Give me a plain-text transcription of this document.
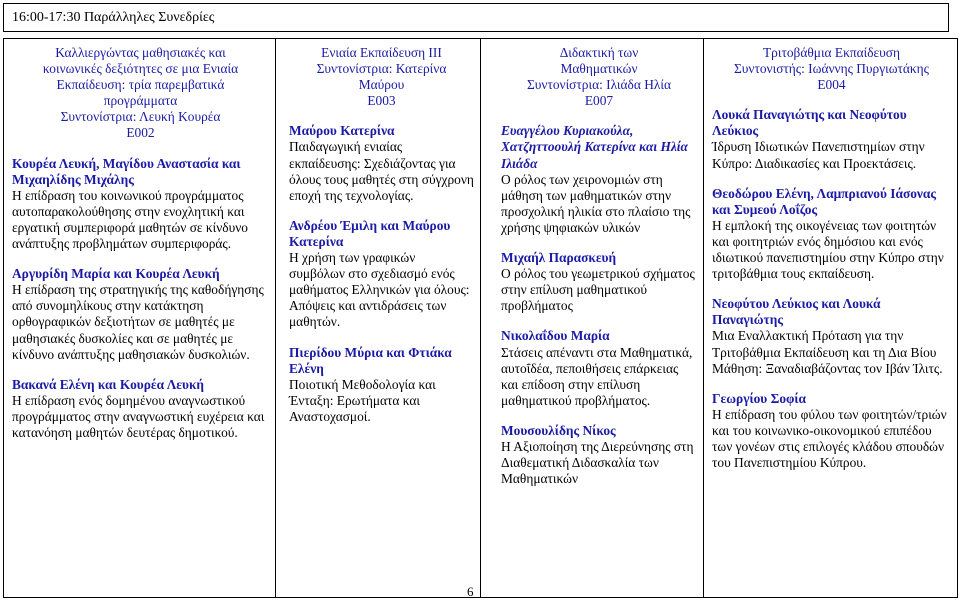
16:00-17:30 Παράλληλες Συνεδρίες
Καλλιεργώντας μαθησιακές και
κοινωνικές δεξιότητες σε μια Ενιαία
Εκπαίδευση: τρία παρεμβατικά
προγράμματα
Συντονίστρια: Λευκή Κουρέα
Ε002
Κουρέα Λευκή, Μαγίδου Αναστασία και Μιχαηλίδης Μιχάλης
Η επίδραση του κοινωνικού προγράμματος αυτοπαρακολούθησης στην ενοχλητική και εργατική συμπεριφορά μαθητών σε κίνδυνο ανάπτυξης προβλημάτων συμπεριφοράς.
Αργυρίδη Μαρία και Κουρέα Λευκή
Η επίδραση της στρατηγικής της καθοδήγησης από συνομηλίκους στην κατάκτηση ορθογραφικών δεξιοτήτων σε μαθητές με μαθησιακές δυσκολίες και σε μαθητές με κίνδυνο ανάπτυξης μαθησιακών δυσκολιών.
Βακανά Ελένη και Κουρέα Λευκή
Η επίδραση ενός δομημένου αναγνωστικού προγράμματος στην αναγνωστική ευχέρεια και κατανόηση μαθητών δευτέρας δημοτικού.
Ενιαία Εκπαίδευση ΙΙΙ
Συντονίστρια: Κατερίνα
Μαύρου
Ε003
Μαύρου Κατερίνα
Παιδαγωγική ενιαίας εκπαίδευσης: Σχεδιάζοντας για όλους τους μαθητές στη σύγχρονη εποχή της τεχνολογίας.
Ανδρέου Έμιλη και Μαύρου Κατερίνα
Η χρήση των γραφικών συμβόλων στο σχεδιασμό ενός μαθήματος Ελληνικών για όλους: Απόψεις και αντιδράσεις των μαθητών.
Πιερίδου Μύρια και Φτιάκα Ελένη
Ποιοτική Μεθοδολογία και Ένταξη: Ερωτήματα και Αναστοχασμοί.
Διδακτική των
Μαθηματικών
Συντονίστρια: Ιλιάδα Ηλία
Ε007
Ευαγγέλου Κυριακούλα, Χατζηττοουλή Κατερίνα και Ηλία Ιλιάδα
Ο ρόλος των χειρονομιών στη μάθηση των μαθηματικών στην προσχολική ηλικία στο πλαίσιο της χρήσης ψηφιακών υλικών
Μιχαήλ Παρασκευή
Ο ρόλος του γεωμετρικού σχήματος στην επίλυση μαθηματικού προβλήματος
Νικολαΐδου Μαρία
Στάσεις απέναντι στα Μαθηματικά, αυτοΐδέα, πεποιθήσεις επάρκειας και επίδοση στην επίλυση μαθηματικού προβλήματος.
Μουσουλίδης Νίκος
Η Αξιοποίηση της Διερεύνησης στη Διαθεματική Διδασκαλία των Μαθηματικών
Τριτοβάθμια Εκπαίδευση
Συντονιστής: Ιωάννης Πυργιωτάκης
Ε004
Λουκά Παναγιώτης και Νεοφύτου Λεύκιος
Ίδρυση Ιδιωτικών Πανεπιστημίων στην Κύπρο: Διαδικασίες και Προεκτάσεις.
Θεοδώρου Ελένη, Λαμπριανού Ιάσονας και Συμεού Λοΐζος
Η εμπλοκή της οικογένειας των φοιτητών και φοιτητριών ενός δημόσιου και ενός ιδιωτικού πανεπιστημίου στην Κύπρο στην τριτοβάθμια τους εκπαίδευση.
Νεοφύτου Λεύκιος και Λουκά Παναγιώτης
Μια Εναλλακτική Πρόταση για την Τριτοβάθμια Εκπαίδευση και τη Δια Βίου Μάθηση: Ξαναδιαβάζοντας τον Ιβάν Ίλιτς.
Γεωργίου Σοφία
Η επίδραση του φύλου των φοιτητών/τριών και του κοινωνικο-οικονομικού επιπέδου των γονέων στις επιλογές κλάδου σπουδών του Πανεπιστημίου Κύπρου.
6
